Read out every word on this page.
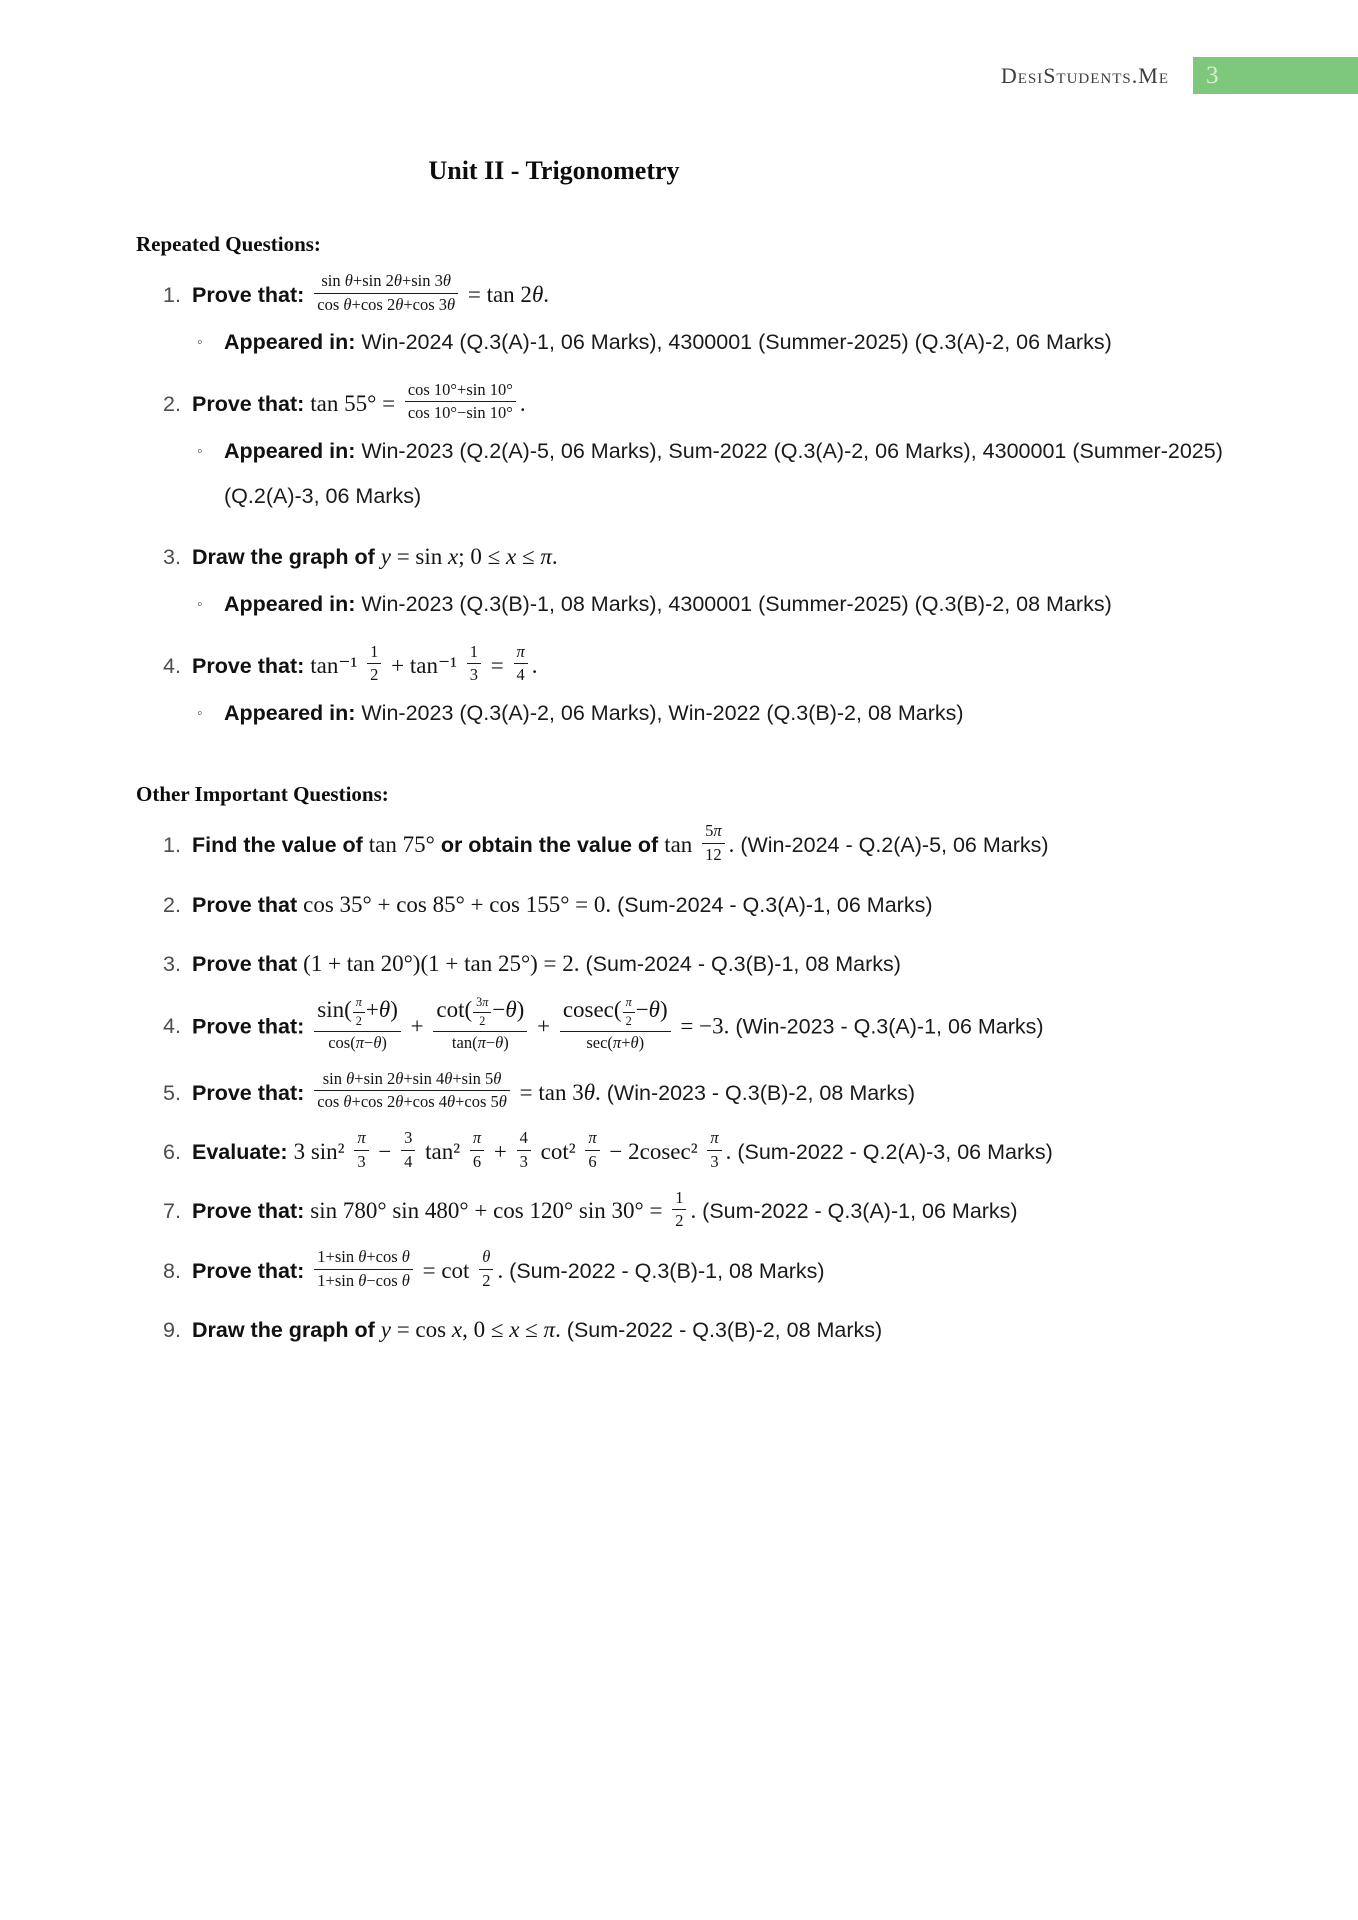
DesiStudents.Me 3
Unit II - Trigonometry
Repeated Questions:
1. Prove that: $\frac{\text{sin θ+sin 2θ+sin 3θ}}{\text{cos θ+cos 2θ+cos 3θ}} = \tan 2\theta$.
◦ Appeared in: Win-2024 (Q.3(A)-1, 06 Marks), 4300001 (Summer-2025) (Q.3(A)-2, 06 Marks)
2. Prove that: $\tan 55^\circ = \frac{\cos 10^\circ+\sin 10^\circ}{\cos 10^\circ-\sin 10^\circ}$ .
◦ Appeared in: Win-2023 (Q.2(A)-5, 06 Marks), Sum-2022 (Q.3(A)-2, 06 Marks), 4300001 (Summer-2025) (Q.2(A)-3, 06 Marks)
3. Draw the graph of y = sin x; 0 ≤ x ≤ π.
◦ Appeared in: Win-2023 (Q.3(B)-1, 08 Marks), 4300001 (Summer-2025) (Q.3(B)-2, 08 Marks)
4. Prove that: $\tan^{-1} \frac{1}{2} + \tan^{-1} \frac{1}{3} = \frac{\pi}{4}$ .
◦ Appeared in: Win-2023 (Q.3(A)-2, 06 Marks), Win-2022 (Q.3(B)-2, 08 Marks)
Other Important Questions:
1. Find the value of tan 75° or obtain the value of $\tan \frac{5\pi}{12}$ . (Win-2024 - Q.2(A)-5, 06 Marks)
2. Prove that cos 35° + cos 85° + cos 155° = 0. (Sum-2024 - Q.3(A)-1, 06 Marks)
3. Prove that (1 + tan 20°)(1 + tan 25°) = 2. (Sum-2024 - Q.3(B)-1, 08 Marks)
4. Prove that: $\frac{\sin( \frac{\pi}{2} +\theta)}{\cos(\pi-\theta)} + \frac{\cot( \frac{3\pi}{2} -\theta)}{\tan(\pi-\theta)} + \frac{cosec( \frac{\pi}{2} -\theta)}{\sec(\pi+\theta)} = -3$. (Win-2023 - Q.3(A)-1, 06 Marks)
5. Prove that: $\frac{\text{sin θ+sin 2θ+sin 4θ+sin 5θ}}{\text{cos θ+cos 2θ+cos 4θ+cos 5θ}} = \tan 3\theta$. (Win-2023 - Q.3(B)-2, 08 Marks)
6. Evaluate: 3 $\sin^2 \frac{\pi}{3} - \frac{3}{4} \tan^2 \frac{\pi}{6} + \frac{4}{3} \cot^2 \frac{\pi}{6} - 2cosec^2 \frac{\pi}{3}$ . (Sum-2022 - Q.2(A)-3, 06 Marks)
7. Prove that: sin 780° sin 480° + cos 120° $\sin 30^\circ = \frac{1}{2}$ . (Sum-2022 - Q.3(A)-1, 06 Marks)
8. Prove that: $\frac{\text{1+sin θ+cos θ}}{\text{1+sin θ−cos θ}} = \cot \frac{\theta}{2}$ . (Sum-2022 - Q.3(B)-1, 08 Marks)
9. Draw the graph of y = cos x, 0 ≤ x ≤ π. (Sum-2022 - Q.3(B)-2, 08 Marks)
